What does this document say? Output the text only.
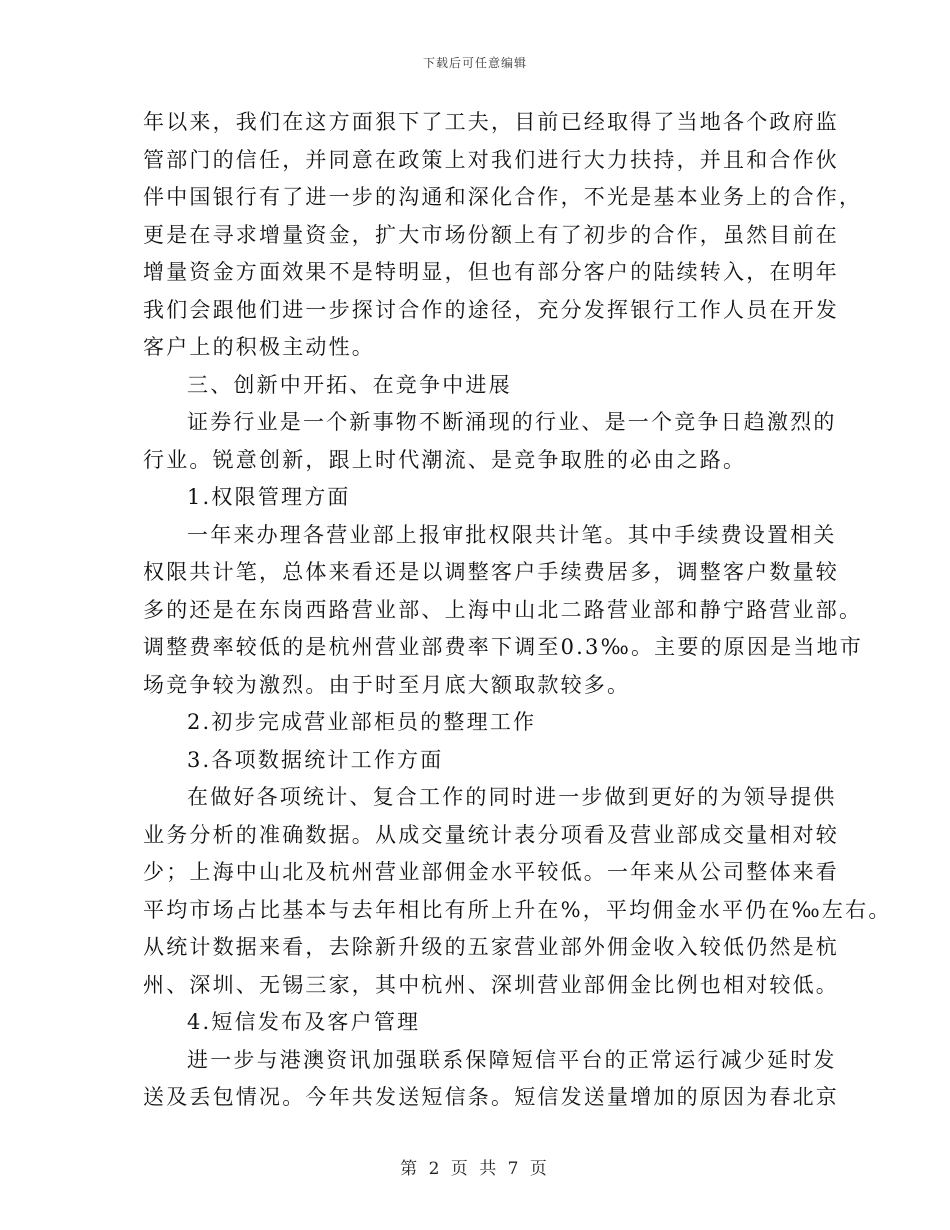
下载后可任意编辑
年以来，我们在这方面狠下了工夫，目前已经取得了当地各个政府监
管部门的信任，并同意在政策上对我们进行大力扶持，并且和合作伙
伴中国银行有了进一步的沟通和深化合作，不光是基本业务上的合作，
更是在寻求增量资金，扩大市场份额上有了初步的合作，虽然目前在
增量资金方面效果不是特明显，但也有部分客户的陆续转入，在明年
我们会跟他们进一步探讨合作的途径，充分发挥银行工作人员在开发
客户上的积极主动性。
三、创新中开拓、在竞争中进展
证券行业是一个新事物不断涌现的行业、是一个竞争日趋激烈的
行业。锐意创新，跟上时代潮流、是竞争取胜的必由之路。
1.权限管理方面
一年来办理各营业部上报审批权限共计笔。其中手续费设置相关
权限共计笔，总体来看还是以调整客户手续费居多，调整客户数量较
多的还是在东岗西路营业部、上海中山北二路营业部和静宁路营业部。
调整费率较低的是杭州营业部费率下调至0.3‰。主要的原因是当地市
场竞争较为激烈。由于时至月底大额取款较多。
2.初步完成营业部柜员的整理工作
3.各项数据统计工作方面
在做好各项统计、复合工作的同时进一步做到更好的为领导提供
业务分析的准确数据。从成交量统计表分项看及营业部成交量相对较
少；上海中山北及杭州营业部佣金水平较低。一年来从公司整体来看
平均市场占比基本与去年相比有所上升在%，平均佣金水平仍在‰左右。
从统计数据来看，去除新升级的五家营业部外佣金收入较低仍然是杭
州、深圳、无锡三家，其中杭州、深圳营业部佣金比例也相对较低。
4.短信发布及客户管理
进一步与港澳资讯加强联系保障短信平台的正常运行减少延时发
送及丢包情况。今年共发送短信条。短信发送量增加的原因为春北京
第 2 页 共 7 页
